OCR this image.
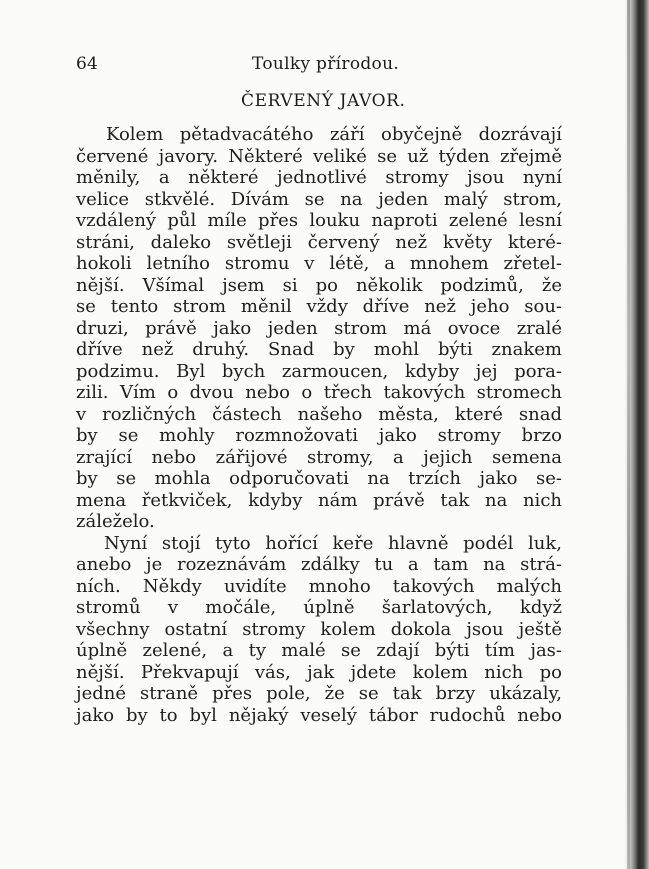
64	Toulky přírodou.
ČERVENÝ JAVOR.
Kolem pětadvacátého září obyčejně dozrávají
červené javory. Některé veliké se už týden zřejmě
měnily, a některé jednotlivé stromy jsou nyní
velice stkvělé. Dívám se na jeden malý strom,
vzdálený půl míle přes louku naproti zelené lesní
stráni, daleko světleji červený než květy které-
hokoli letního stromu v létě, a mnohem zřetel-
nější. Všímal jsem si po několik podzimů, že
se tento strom měnil vždy dříve než jeho sou-
druzi, právě jako jeden strom má ovoce zralé
dříve než druhý. Snad by mohl býti znakem
podzimu. Byl bych zarmoucen, kdyby jej pora-
zili. Vím o dvou nebo o třech takových stromech
v rozličných částech našeho města, které snad
by se mohly rozmnožovati jako stromy brzo
zrající nebo zářijové stromy, a jejich semena
by se mohla odporučovati na trzích jako se-
mena řetkviček, kdyby nám právě tak na nich
záleželo.
Nyní stojí tyto hořící keře hlavně podél luk,
anebo je rozeznávám zdálky tu a tam na strá-
ních. Někdy uvidíte mnoho takových malých
stromů v močále, úplně šarlatových, když
všechny ostatní stromy kolem dokola jsou ještě
úplně zelené, a ty malé se zdají býti tím jas-
nější. Překvapují vás, jak jdete kolem nich po
jedné straně přes pole, že se tak brzy ukázaly,
jako by to byl nějaký veselý tábor rudochů nebo
